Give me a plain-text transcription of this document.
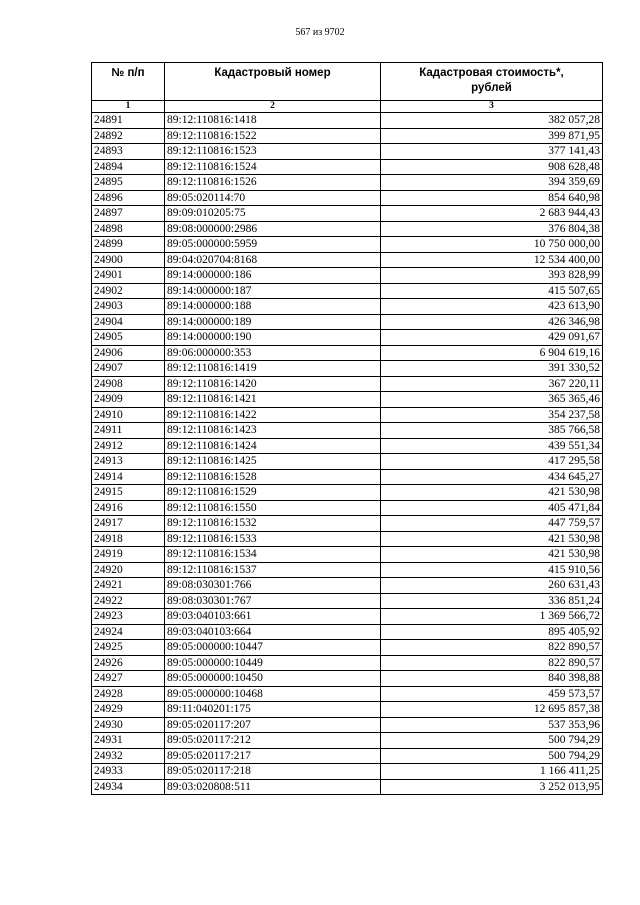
567 из 9702
№ п/п	Кадастровый номер	Кадастровая стоимость*,
рублей
1	2	3
24891	89:12:110816:1418	382 057,28
24892	89:12:110816:1522	399 871,95
24893	89:12:110816:1523	377 141,43
24894	89:12:110816:1524	908 628,48
24895	89:12:110816:1526	394 359,69
24896	89:05:020114:70	854 640,98
24897	89:09:010205:75	2 683 944,43
24898	89:08:000000:2986	376 804,38
24899	89:05:000000:5959	10 750 000,00
24900	89:04:020704:8168	12 534 400,00
24901	89:14:000000:186	393 828,99
24902	89:14:000000:187	415 507,65
24903	89:14:000000:188	423 613,90
24904	89:14:000000:189	426 346,98
24905	89:14:000000:190	429 091,67
24906	89:06:000000:353	6 904 619,16
24907	89:12:110816:1419	391 330,52
24908	89:12:110816:1420	367 220,11
24909	89:12:110816:1421	365 365,46
24910	89:12:110816:1422	354 237,58
24911	89:12:110816:1423	385 766,58
24912	89:12:110816:1424	439 551,34
24913	89:12:110816:1425	417 295,58
24914	89:12:110816:1528	434 645,27
24915	89:12:110816:1529	421 530,98
24916	89:12:110816:1550	405 471,84
24917	89:12:110816:1532	447 759,57
24918	89:12:110816:1533	421 530,98
24919	89:12:110816:1534	421 530,98
24920	89:12:110816:1537	415 910,56
24921	89:08:030301:766	260 631,43
24922	89:08:030301:767	336 851,24
24923	89:03:040103:661	1 369 566,72
24924	89:03:040103:664	895 405,92
24925	89:05:000000:10447	822 890,57
24926	89:05:000000:10449	822 890,57
24927	89:05:000000:10450	840 398,88
24928	89:05:000000:10468	459 573,57
24929	89:11:040201:175	12 695 857,38
24930	89:05:020117:207	537 353,96
24931	89:05:020117:212	500 794,29
24932	89:05:020117:217	500 794,29
24933	89:05:020117:218	1 166 411,25
24934	89:03:020808:511	3 252 013,95
